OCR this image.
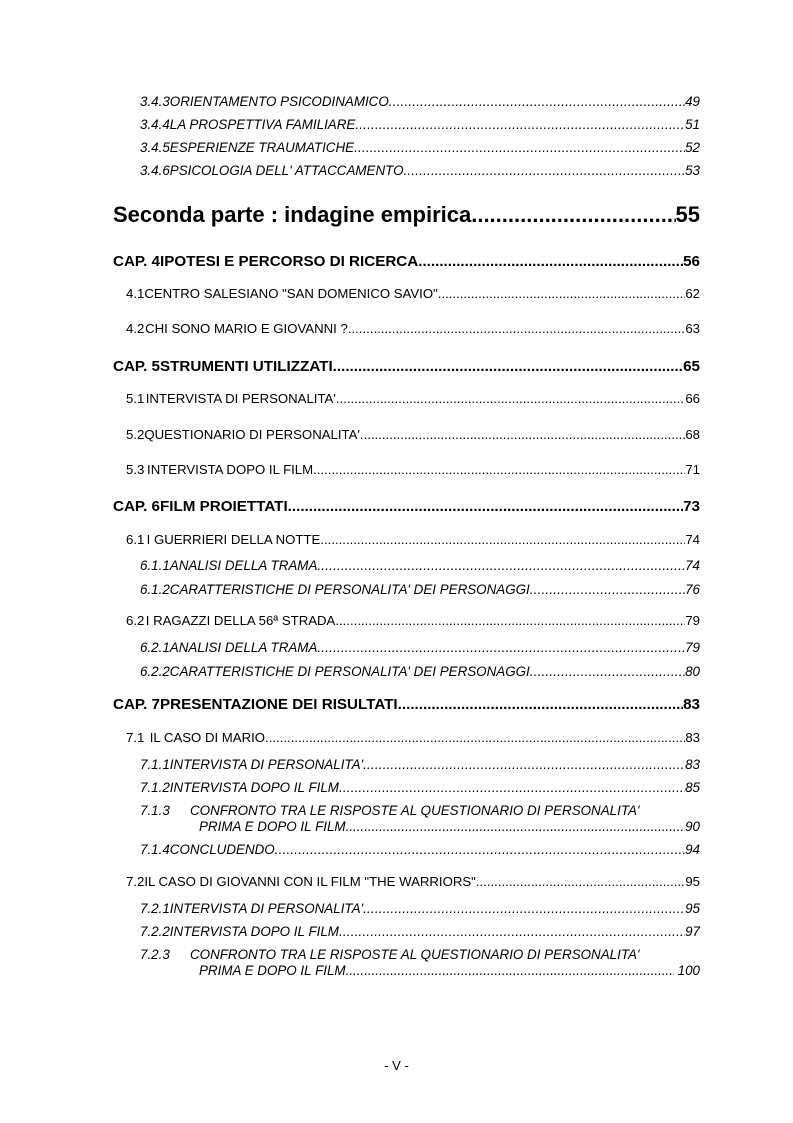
3.4.3 ORIENTAMENTO PSICODINAMICO .....	49
3.4.4 LA PROSPETTIVA FAMILIARE .....	51
3.4.5 ESPERIENZE TRAUMATICHE .....	52
3.4.6 PSICOLOGIA DELL' ATTACCAMENTO .....	53
Seconda parte : indagine empirica .....	55
CAP. 4 IPOTESI E PERCORSO DI RICERCA .....	56
4.1 CENTRO SALESIANO "SAN DOMENICO SAVIO" .....	62
4.2 CHI SONO MARIO E GIOVANNI ? .....	63
CAP. 5 STRUMENTI UTILIZZATI .....	65
5.1 INTERVISTA DI PERSONALITA' .....	66
5.2 QUESTIONARIO DI PERSONALITA' .....	68
5.3 INTERVISTA DOPO IL FILM .....	71
CAP. 6 FILM PROIETTATI .....	73
6.1 I GUERRIERI DELLA NOTTE .....	74
6.1.1 ANALISI DELLA TRAMA .....	74
6.1.2 CARATTERISTICHE DI PERSONALITA' DEI PERSONAGGI .....	76
6.2 I RAGAZZI DELLA 56ª STRADA .....	79
6.2.1 ANALISI DELLA TRAMA .....	79
6.2.2 CARATTERISTICHE DI PERSONALITA' DEI PERSONAGGI .....	80
CAP. 7 PRESENTAZIONE DEI RISULTATI .....	83
7.1 IL CASO DI MARIO .....	83
7.1.1 INTERVISTA DI PERSONALITA' .....	83
7.1.2 INTERVISTA DOPO IL FILM .....	85
7.1.3	CONFRONTO TRA LE RISPOSTE AL QUESTIONARIO DI PERSONALITA'
PRIMA E DOPO IL FILM .....	90
7.1.4 CONCLUDENDO .....	94
7.2 IL CASO DI GIOVANNI CON IL FILM "THE WARRIORS" .....	95
7.2.1 INTERVISTA DI PERSONALITA' .....	95
7.2.2 INTERVISTA DOPO IL FILM .....	97
7.2.3	CONFRONTO TRA LE RISPOSTE AL QUESTIONARIO DI PERSONALITA'
PRIMA E DOPO IL FILM .....	100
- V -
